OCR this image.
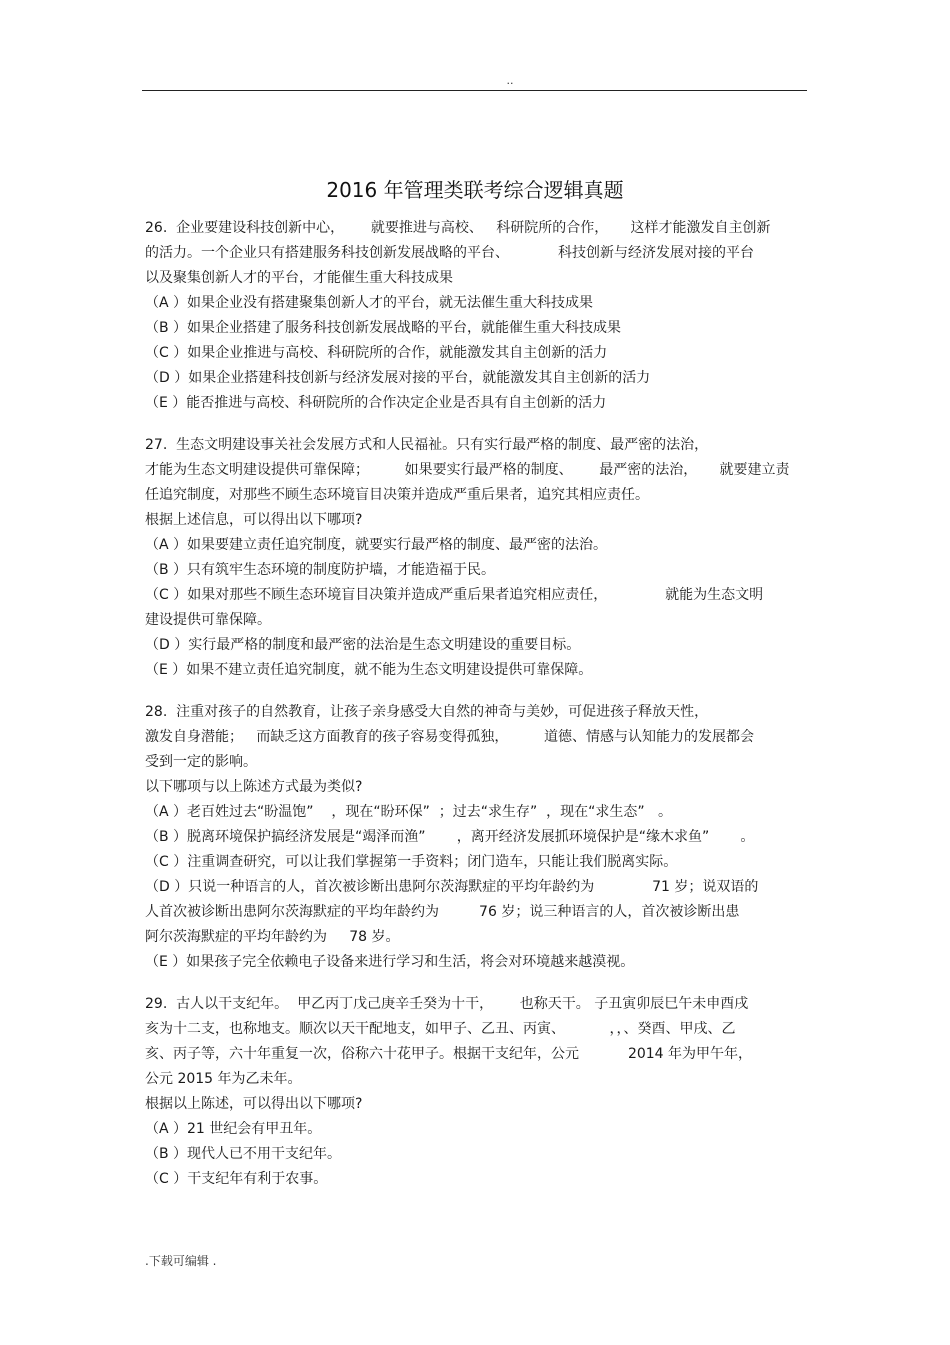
..
2016 年管理类联考综合逻辑真题
26.  企业要建设科技创新中心，      就要推进与高校、   科研院所的合作，     这样才能激发自主创新
的活力。一个企业只有搭建服务科技创新发展战略的平台、           科技创新与经济发展对接的平台
以及聚集创新人才的平台，才能催生重大科技成果
（A ）如果企业没有搭建聚集创新人才的平台，就无法催生重大科技成果
（B ）如果企业搭建了服务科技创新发展战略的平台，就能催生重大科技成果
（C ）如果企业推进与高校、科研院所的合作，就能激发其自主创新的活力
（D ）如果企业搭建科技创新与经济发展对接的平台，就能激发其自主创新的活力
（E ）能否推进与高校、科研院所的合作决定企业是否具有自主创新的活力
27.  生态文明建设事关社会发展方式和人民福祉。只有实行最严格的制度、最严密的法治，
才能为生态文明建设提供可靠保障；        如果要实行最严格的制度、      最严密的法治，     就要建立责
任追究制度，对那些不顾生态环境盲目决策并造成严重后果者，追究其相应责任。
根据上述信息，可以得出以下哪项?
（A ）如果要建立责任追究制度，就要实行最严格的制度、最严密的法治。
（B ）只有筑牢生态环境的制度防护墙，才能造福于民。
（C ）如果对那些不顾生态环境盲目决策并造成严重后果者追究相应责任，             就能为生态文明
建设提供可靠保障。
（D ）实行最严格的制度和最严密的法治是生态文明建设的重要目标。
（E ）如果不建立责任追究制度，就不能为生态文明建设提供可靠保障。
28.  注重对孩子的自然教育，让孩子亲身感受大自然的神奇与美妙，可促进孩子释放天性，
激发自身潜能；   而缺乏这方面教育的孩子容易变得孤独，        道德、情感与认知能力的发展都会
受到一定的影响。
以下哪项与以上陈述方式最为类似?
（A ）老百姓过去“盼温饱”    ，现在“盼环保”  ；过去“求生存”  ，现在“求生态”   。
（B ）脱离环境保护搞经济发展是“竭泽而渔”       ，离开经济发展抓环境保护是“缘木求鱼”       。
（C ）注重调查研究，可以让我们掌握第一手资料；闭门造车，只能让我们脱离实际。
（D ）只说一种语言的人，首次被诊断出患阿尔茨海默症的平均年龄约为             71 岁；说双语的
人首次被诊断出患阿尔茨海默症的平均年龄约为         76 岁；说三种语言的人，首次被诊断出患
阿尔茨海默症的平均年龄约为     78 岁。
（E ）如果孩子完全依赖电子设备来进行学习和生活，将会对环境越来越漠视。
29.  古人以干支纪年。  甲乙丙丁戊己庚辛壬癸为十干，      也称天干。 子丑寅卯辰巳午未申酉戌
亥为十二支，也称地支。顺次以天干配地支，如甲子、乙丑、丙寅、          ，，、癸酉、甲戌、乙
亥、丙子等，六十年重复一次，俗称六十花甲子。根据干支纪年，公元           2014 年为甲午年，
公元 2015 年为乙未年。
根据以上陈述，可以得出以下哪项?
（A ）21 世纪会有甲丑年。
（B ）现代人已不用干支纪年。
（C ）干支纪年有利于农事。
.下载可编辑 .
